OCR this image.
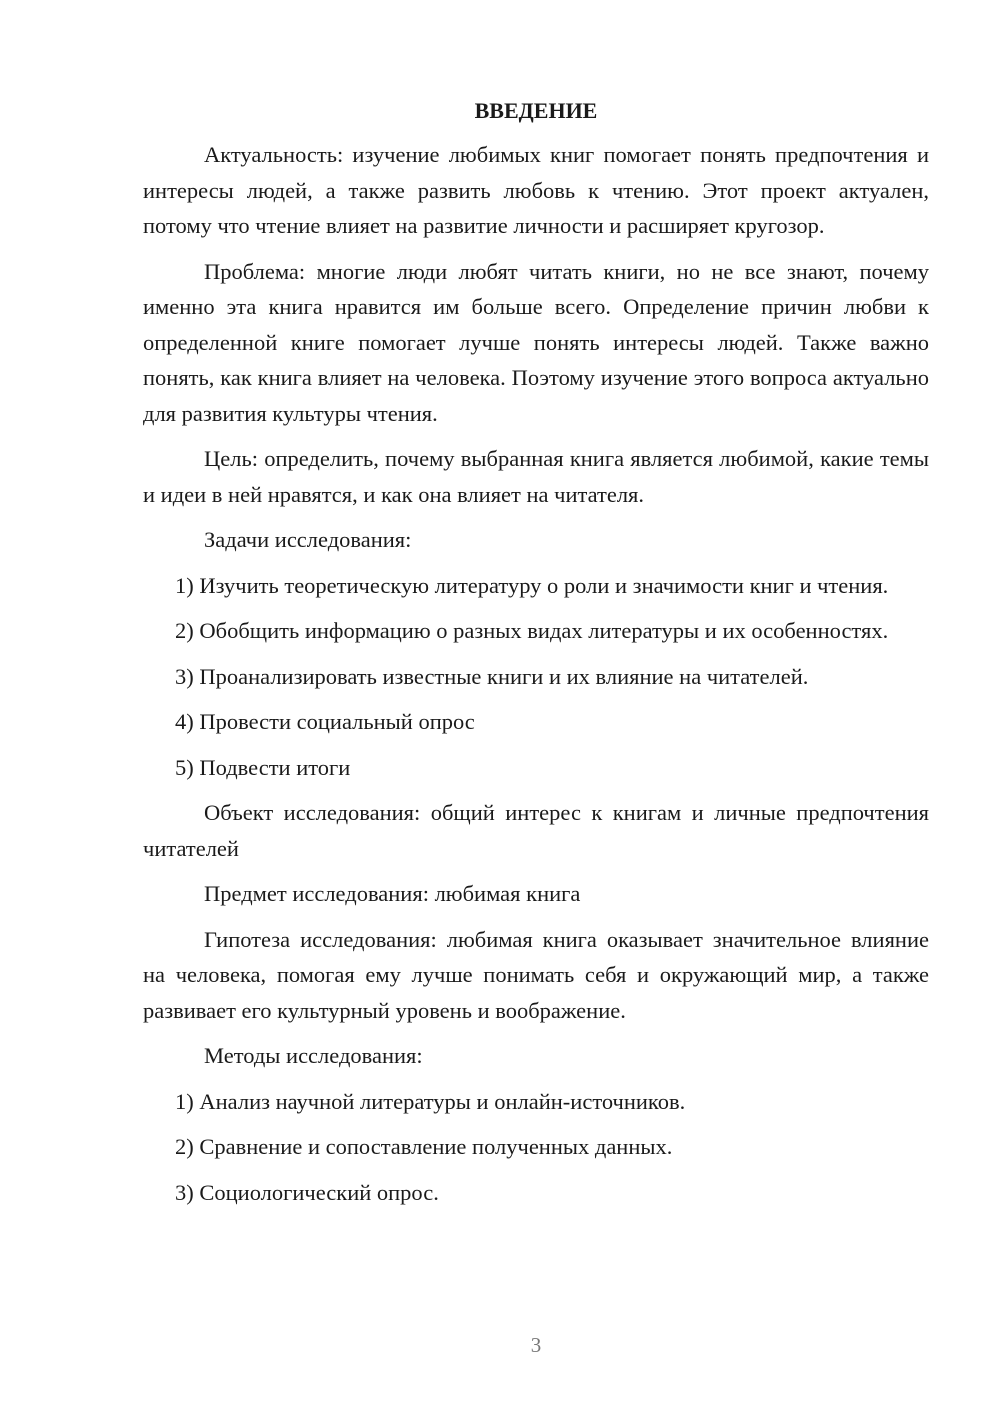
ВВЕДЕНИЕ

Актуальность: изучение любимых книг помогает понять предпочтения и интересы людей, а также развить любовь к чтению. Этот проект актуален, потому что чтение влияет на развитие личности и расширяет кругозор.

Проблема: многие люди любят читать книги, но не все знают, почему именно эта книга нравится им больше всего. Определение причин любви к определенной книге помогает лучше понять интересы людей. Также важно понять, как книга влияет на человека. Поэтому изучение этого вопроса актуально для развития культуры чтения.

Цель: определить, почему выбранная книга является любимой, какие темы и идеи в ней нравятся, и как она влияет на читателя.

Задачи исследования:

1) Изучить теоретическую литературу о роли и значимости книг и чтения.

2) Обобщить информацию о разных видах литературы и их особенностях.

3) Проанализировать известные книги и их влияние на читателей.

4) Провести социальный опрос

5) Подвести итоги

Объект исследования: общий интерес к книгам и личные предпочтения читателей

Предмет исследования: любимая книга

Гипотеза исследования: любимая книга оказывает значительное влияние на человека, помогая ему лучше понимать себя и окружающий мир, а также развивает его культурный уровень и воображение.

Методы исследования:

1) Анализ научной литературы и онлайн-источников.

2) Сравнение и сопоставление полученных данных.

3) Социологический опрос.

3
